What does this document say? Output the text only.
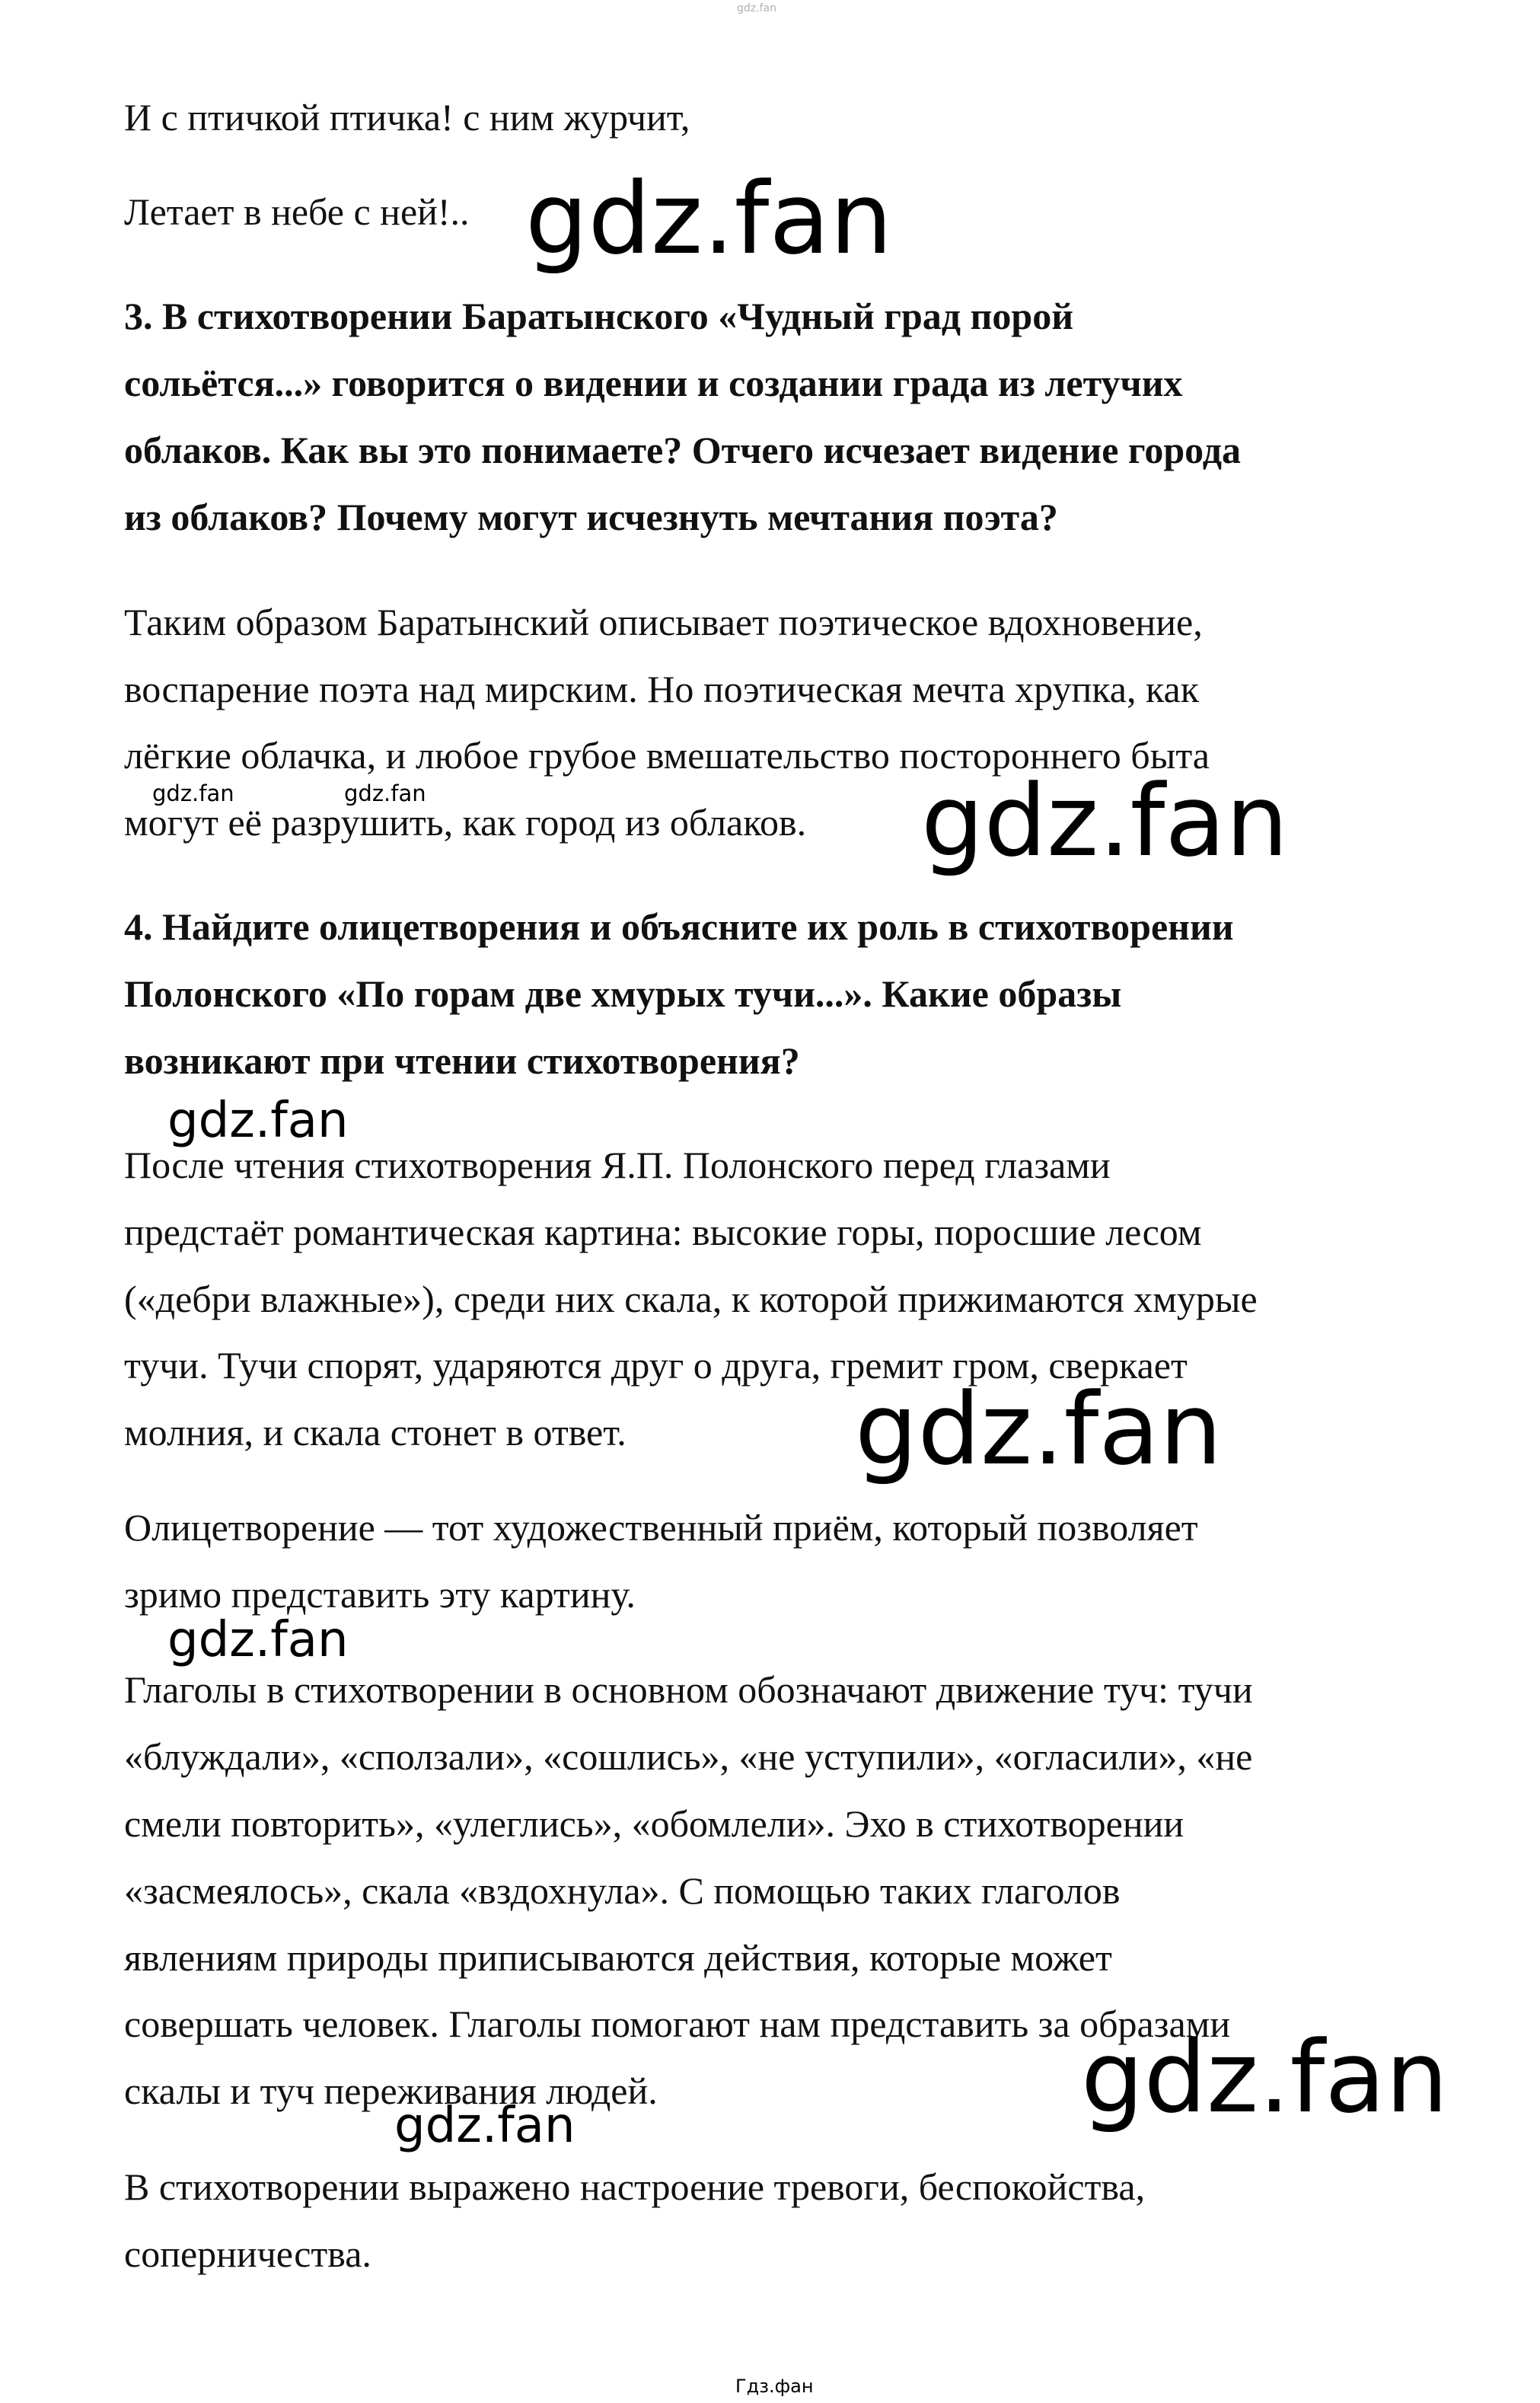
gdz.fan

И с птичкой птичка! с ним журчит,

Летает в небе с ней!..

3. В стихотворении Баратынского «Чудный град порой

сольётся...» говорится о видении и создании града из летучих

облаков. Как вы это понимаете? Отчего исчезает видение города

из облаков? Почему могут исчезнуть мечтания поэта?

Таким образом Баратынский описывает поэтическое вдохновение,

воспарение поэта над мирским. Но поэтическая мечта хрупка, как

лёгкие облачка, и любое грубое вмешательство постороннего быта

могут её разрушить, как город из облаков.

4. Найдите олицетворения и объясните их роль в стихотворении

Полонского «По горам две хмурых тучи...». Какие образы

возникают при чтении стихотворения?

После чтения стихотворения Я.П. Полонского перед глазами

предстаёт романтическая картина: высокие горы, поросшие лесом

(«дебри влажные»), среди них скала, к которой прижимаются хмурые

тучи. Тучи спорят, ударяются друг о друга, гремит гром, сверкает

молния, и скала стонет в ответ.

Олицетворение — тот художественный приём, который позволяет

зримо представить эту картину.

Глаголы в стихотворении в основном обозначают движение туч: тучи

«блуждали», «сползали», «сошлись», «не уступили», «огласили», «не

смели повторить», «улеглись», «обомлели». Эхо в стихотворении

«засмеялось», скала «вздохнула». С помощью таких глаголов

явлениям природы приписываются действия, которые может

совершать человек. Глаголы помогают нам представить за образами

скалы и туч переживания людей.

В стихотворении выражено настроение тревоги, беспокойства,

соперничества.

gdz.fan
gdz.fan	gdz.fan	gdz.fan
gdz.fan
gdz.fan
gdz.fan
gdz.fan
gdz.fan
Гдз.фан
